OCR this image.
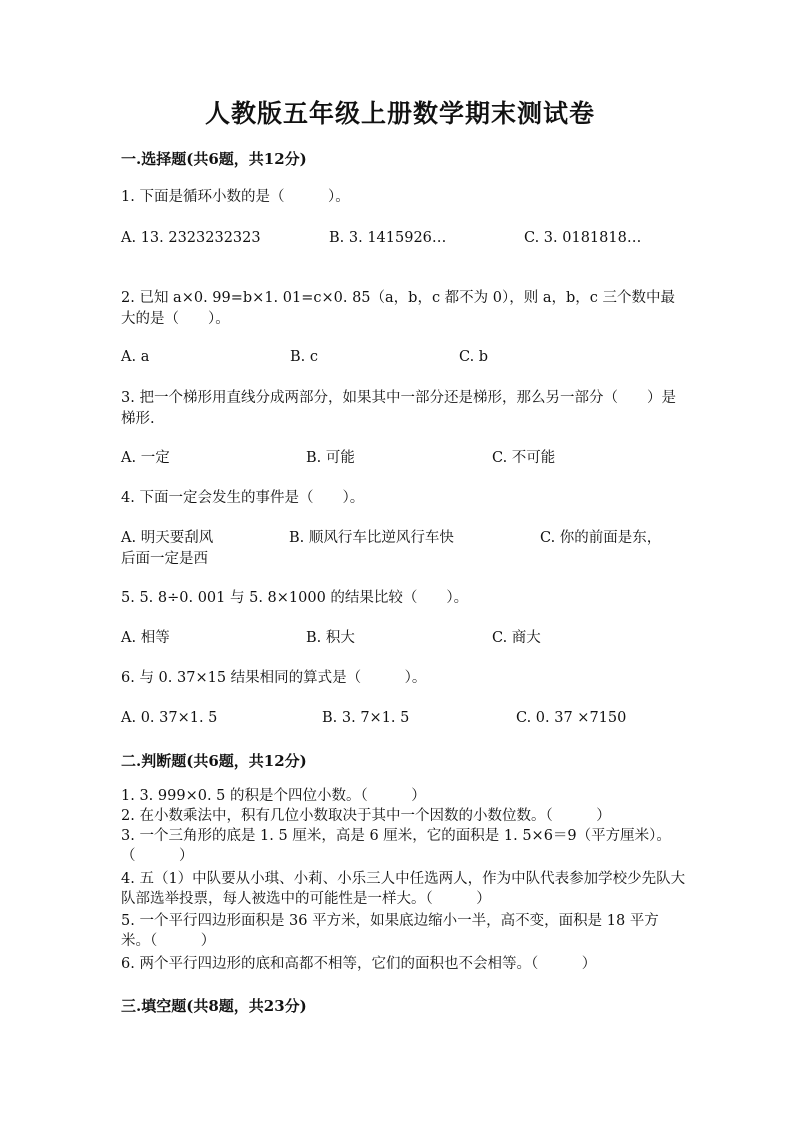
人教版五年级上册数学期末测试卷
一.选择题(共6题，共12分)
1. 下面是循环小数的是（　　　）。
A. 13. 2323232323	B. 3. 1415926…	C. 3. 0181818…
2. 已知 a×0. 99=b×1. 01=c×0. 85（a，b，c 都不为 0），则 a，b，c 三个数中最大的是（　　）。
A. a	B. c	C. b
3. 把一个梯形用直线分成两部分，如果其中一部分还是梯形，那么另一部分（　　）是梯形.
A. 一定	B. 可能	C. 不可能
4. 下面一定会发生的事件是（　　）。
A. 明天要刮风	B. 顺风行车比逆风行车快	C. 你的前面是东，
后面一定是西
5. 5. 8÷0. 001 与 5. 8×1000 的结果比较（　　）。
A. 相等	B. 积大	C. 商大
6. 与 0. 37×15 结果相同的算式是（　　　）。
A. 0. 37×1. 5	B. 3. 7×1. 5	C. 0. 37 ×7150
二.判断题(共6题，共12分)
1. 3. 999×0. 5 的积是个四位小数。（　　　）
2. 在小数乘法中，积有几位小数取决于其中一个因数的小数位数。（　　　）
3. 一个三角形的底是 1. 5 厘米，高是 6 厘米，它的面积是 1. 5×6＝9（平方厘米）。（　　　）
4. 五（1）中队要从小琪、小莉、小乐三人中任选两人，作为中队代表参加学校少先队大队部选举投票，每人被选中的可能性是一样大。（　　　）
5. 一个平行四边形面积是 36 平方米，如果底边缩小一半，高不变，面积是 18 平方米。（　　　）
6. 两个平行四边形的底和高都不相等，它们的面积也不会相等。（　　　）
三.填空题(共8题，共23分)
